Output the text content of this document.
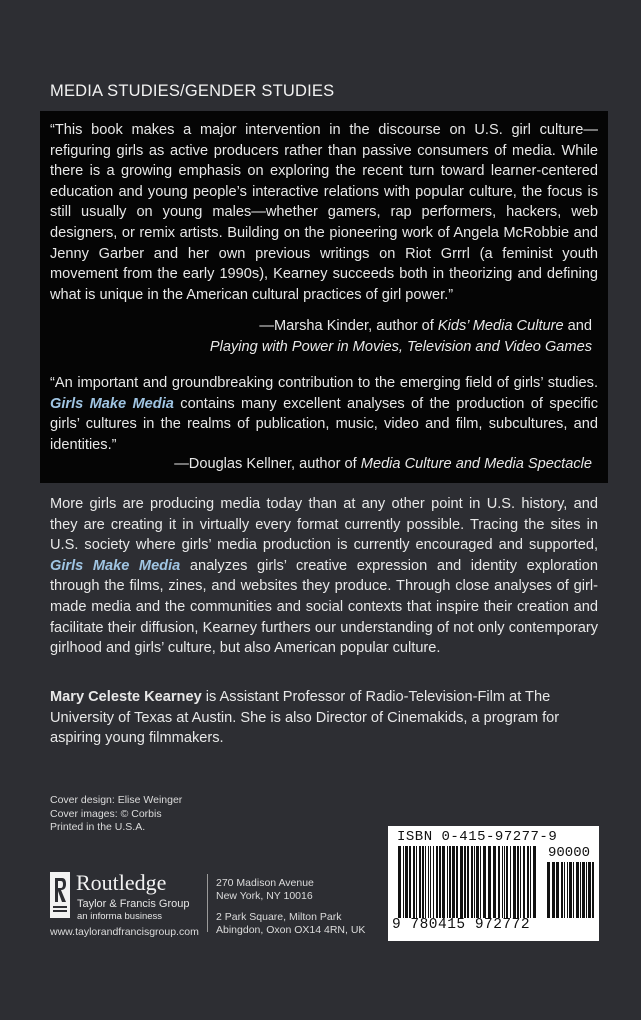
MEDIA STUDIES/GENDER STUDIES
“This book makes a major intervention in the discourse on U.S. girl culture—refiguring girls as active producers rather than passive consumers of media. While there is a growing emphasis on exploring the recent turn toward learner-centered education and young people’s interactive relations with popular culture, the focus is still usually on young males—whether gamers, rap performers, hackers, web designers, or remix artists. Building on the pioneering work of Angela McRobbie and Jenny Garber and her own previous writings on Riot Grrrl (a feminist youth movement from the early 1990s), Kearney succeeds both in theorizing and defining what is unique in the American cultural practices of girl power.”
—Marsha Kinder, author of Kids’ Media Culture and
Playing with Power in Movies, Television and Video Games
“An important and groundbreaking contribution to the emerging field of girls’ studies. Girls Make Media contains many excellent analyses of the production of specific girls’ cultures in the realms of publication, music, video and film, subcultures, and identities.”
—Douglas Kellner, author of Media Culture and Media Spectacle
More girls are producing media today than at any other point in U.S. history, and they are creating it in virtually every format currently possible. Tracing the sites in U.S. society where girls’ media production is currently encouraged and supported, Girls Make Media analyzes girls’ creative expression and identity exploration through the films, zines, and websites they produce. Through close analyses of girl-made media and the communities and social contexts that inspire their creation and facilitate their diffusion, Kearney furthers our understanding of not only contemporary girlhood and girls’ culture, but also American popular culture.
Mary Celeste Kearney is Assistant Professor of Radio-Television-Film at The University of Texas at Austin. She is also Director of Cinemakids, a program for aspiring young filmmakers.
Cover design: Elise Weinger
Cover images: © Corbis
Printed in the U.S.A.
Routledge
Taylor & Francis Group
an informa business
270 Madison Avenue
New York, NY 10016
2 Park Square, Milton Park
Abingdon, Oxon OX14 4RN, UK
www.taylorandfrancisgroup.com
ISBN 0-415-97277-9
90000
9 780415 972772
